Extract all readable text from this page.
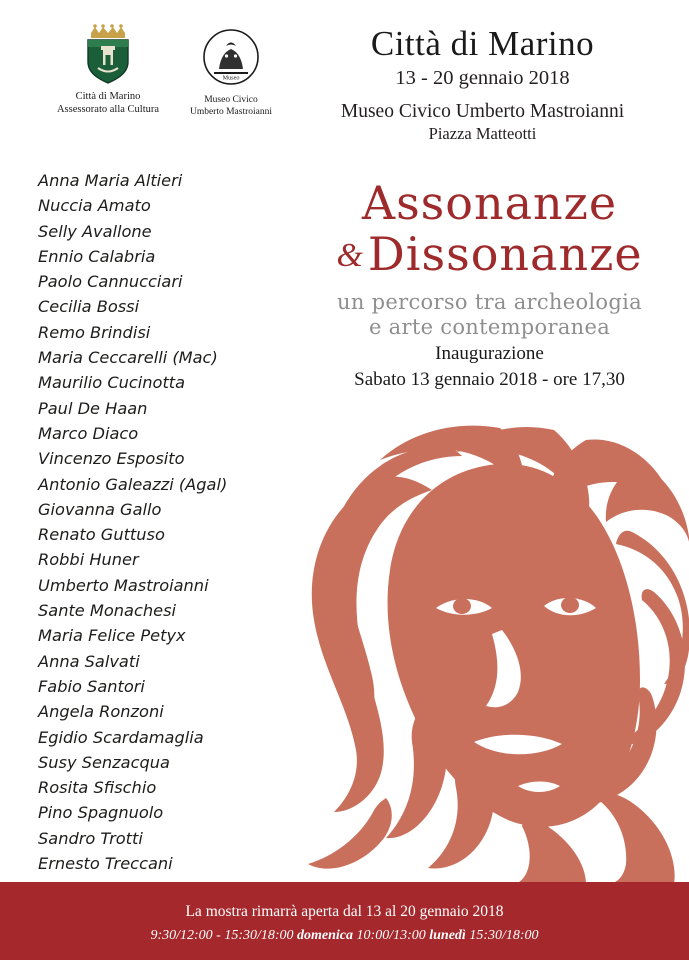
Città di Marino
Assessorato alla Cultura
Museo
Museo Civico
Umberto Mastroianni
Città di Marino
13 - 20 gennaio 2018
Museo Civico Umberto Mastroianni
Piazza Matteotti
Anna Maria Altieri
Nuccia Amato
Selly Avallone
Ennio Calabria
Paolo Cannucciari
Cecilia Bossi
Remo Brindisi
Maria Ceccarelli (Mac)
Maurilio Cucinotta
Paul De Haan
Marco Diaco
Vincenzo Esposito
Antonio Galeazzi (Agal)
Giovanna Gallo
Renato Guttuso
Robbi Huner
Umberto Mastroianni
Sante Monachesi
Maria Felice Petyx
Anna Salvati
Fabio Santori
Angela Ronzoni
Egidio Scardamaglia
Susy Senzacqua
Rosita Sfischio
Pino Spagnuolo
Sandro Trotti
Ernesto Treccani
Assonanze
&Dissonanze
un percorso tra archeologia
e arte contemporanea
Inaugurazione
Sabato 13 gennaio 2018 - ore 17,30
La mostra rimarrà aperta dal 13 al 20 gennaio 2018
9:30/12:00 - 15:30/18:00 domenica 10:00/13:00 lunedì 15:30/18:00
